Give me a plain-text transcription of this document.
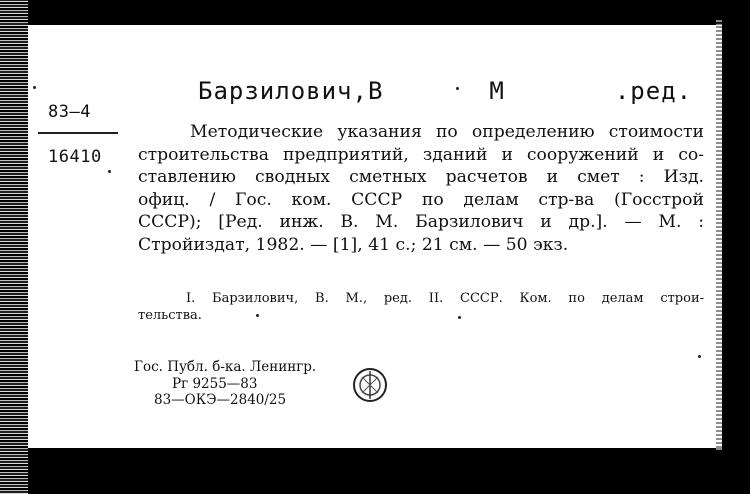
83—4
16410
Барзилович,В	М	.ред.
Методические указания по определению стоимости
строительства предприятий, зданий и сооружений и со-
ставлению сводных сметных расчетов и смет : Изд.
офиц. / Гос. ком. СССР по делам стр-ва (Госстрой
СССР); [Ред. инж. В. М. Барзилович и др.]. — М. :
Стройиздат, 1982. — [1], 41 с.; 21 см. — 50 экз.
I. Барзилович, В. М., ред. II. СССР. Ком. по делам строи-
тельства.
Гос. Публ. б-ка. Ленингр.
Рг 9255—83
83—ОКЭ—2840/25
